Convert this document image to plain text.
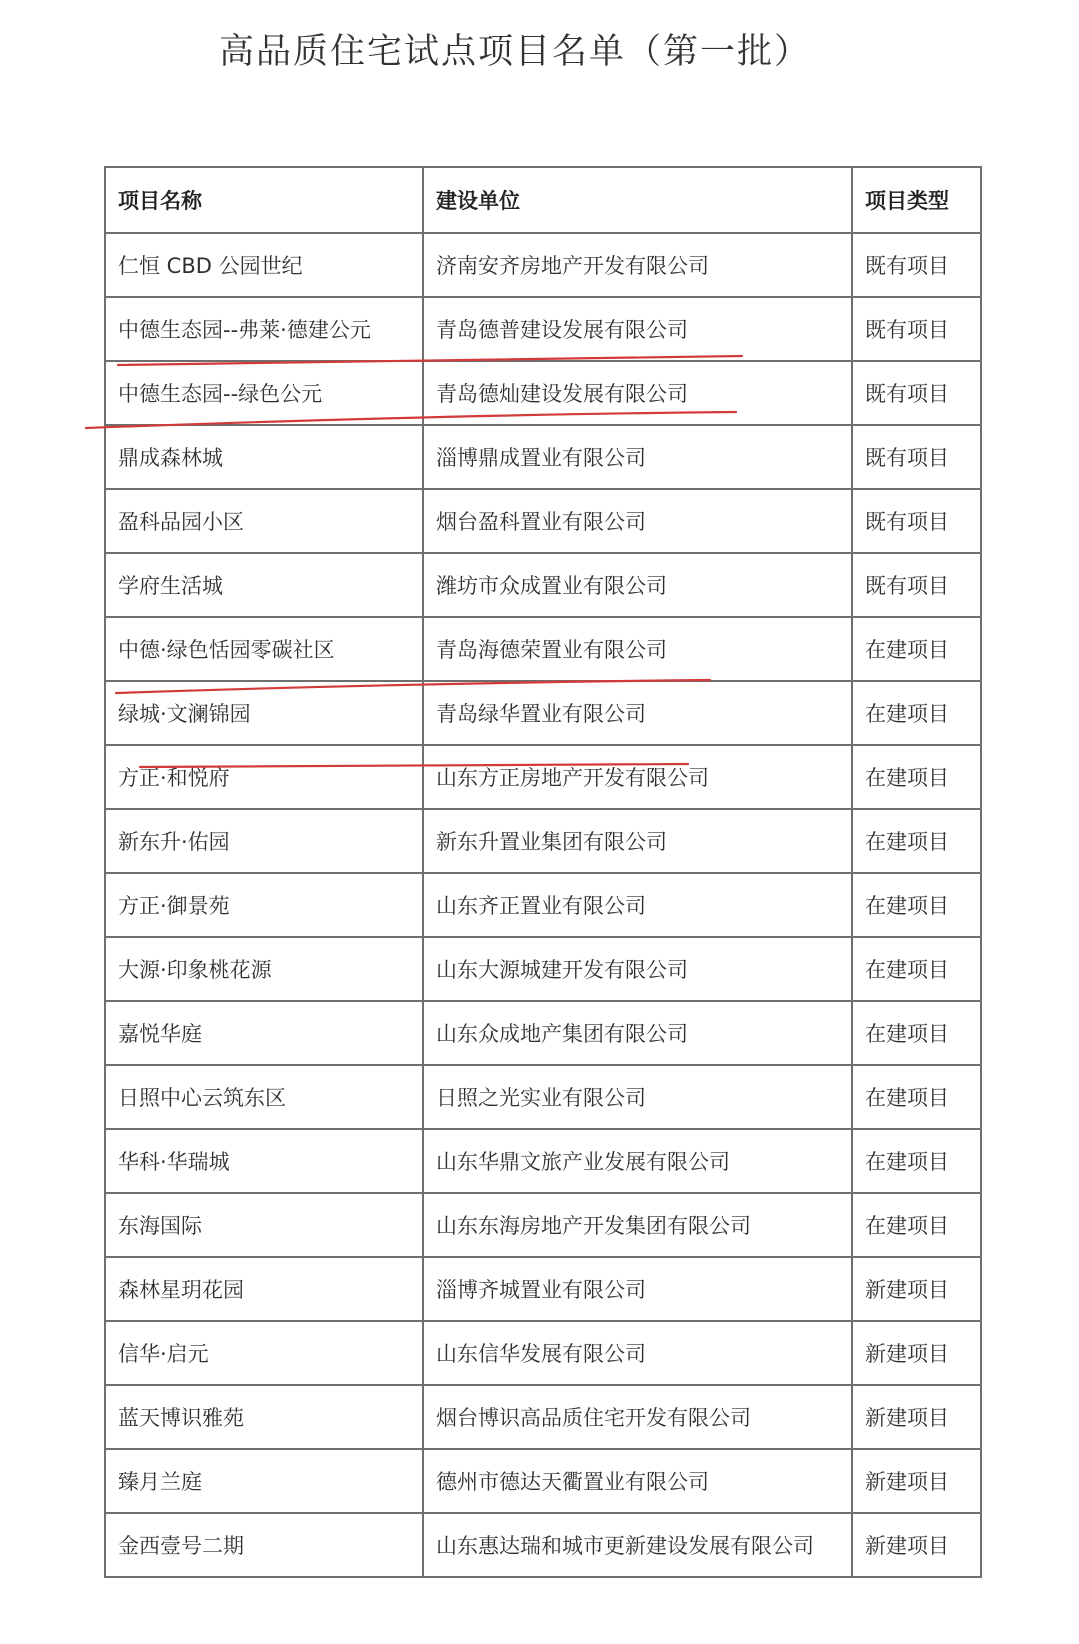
高品质住宅试点项目名单（第一批）
项目名称	建设单位	项目类型
仁恒 CBD 公园世纪	济南安齐房地产开发有限公司	既有项目
中德生态园--弗莱·德建公元	青岛德普建设发展有限公司	既有项目
中德生态园--绿色公元	青岛德灿建设发展有限公司	既有项目
鼎成森林城	淄博鼎成置业有限公司	既有项目
盈科品园小区	烟台盈科置业有限公司	既有项目
学府生活城	潍坊市众成置业有限公司	既有项目
中德·绿色恬园零碳社区	青岛海德荣置业有限公司	在建项目
绿城·文澜锦园	青岛绿华置业有限公司	在建项目
方正·和悦府	山东方正房地产开发有限公司	在建项目
新东升·佑园	新东升置业集团有限公司	在建项目
方正·御景苑	山东齐正置业有限公司	在建项目
大源·印象桃花源	山东大源城建开发有限公司	在建项目
嘉悦华庭	山东众成地产集团有限公司	在建项目
日照中心云筑东区	日照之光实业有限公司	在建项目
华科·华瑞城	山东华鼎文旅产业发展有限公司	在建项目
东海国际	山东东海房地产开发集团有限公司	在建项目
森林星玥花园	淄博齐城置业有限公司	新建项目
信华·启元	山东信华发展有限公司	新建项目
蓝天博识雅苑	烟台博识高品质住宅开发有限公司	新建项目
臻月兰庭	德州市德达天衢置业有限公司	新建项目
金西壹号二期	山东惠达瑞和城市更新建设发展有限公司	新建项目
